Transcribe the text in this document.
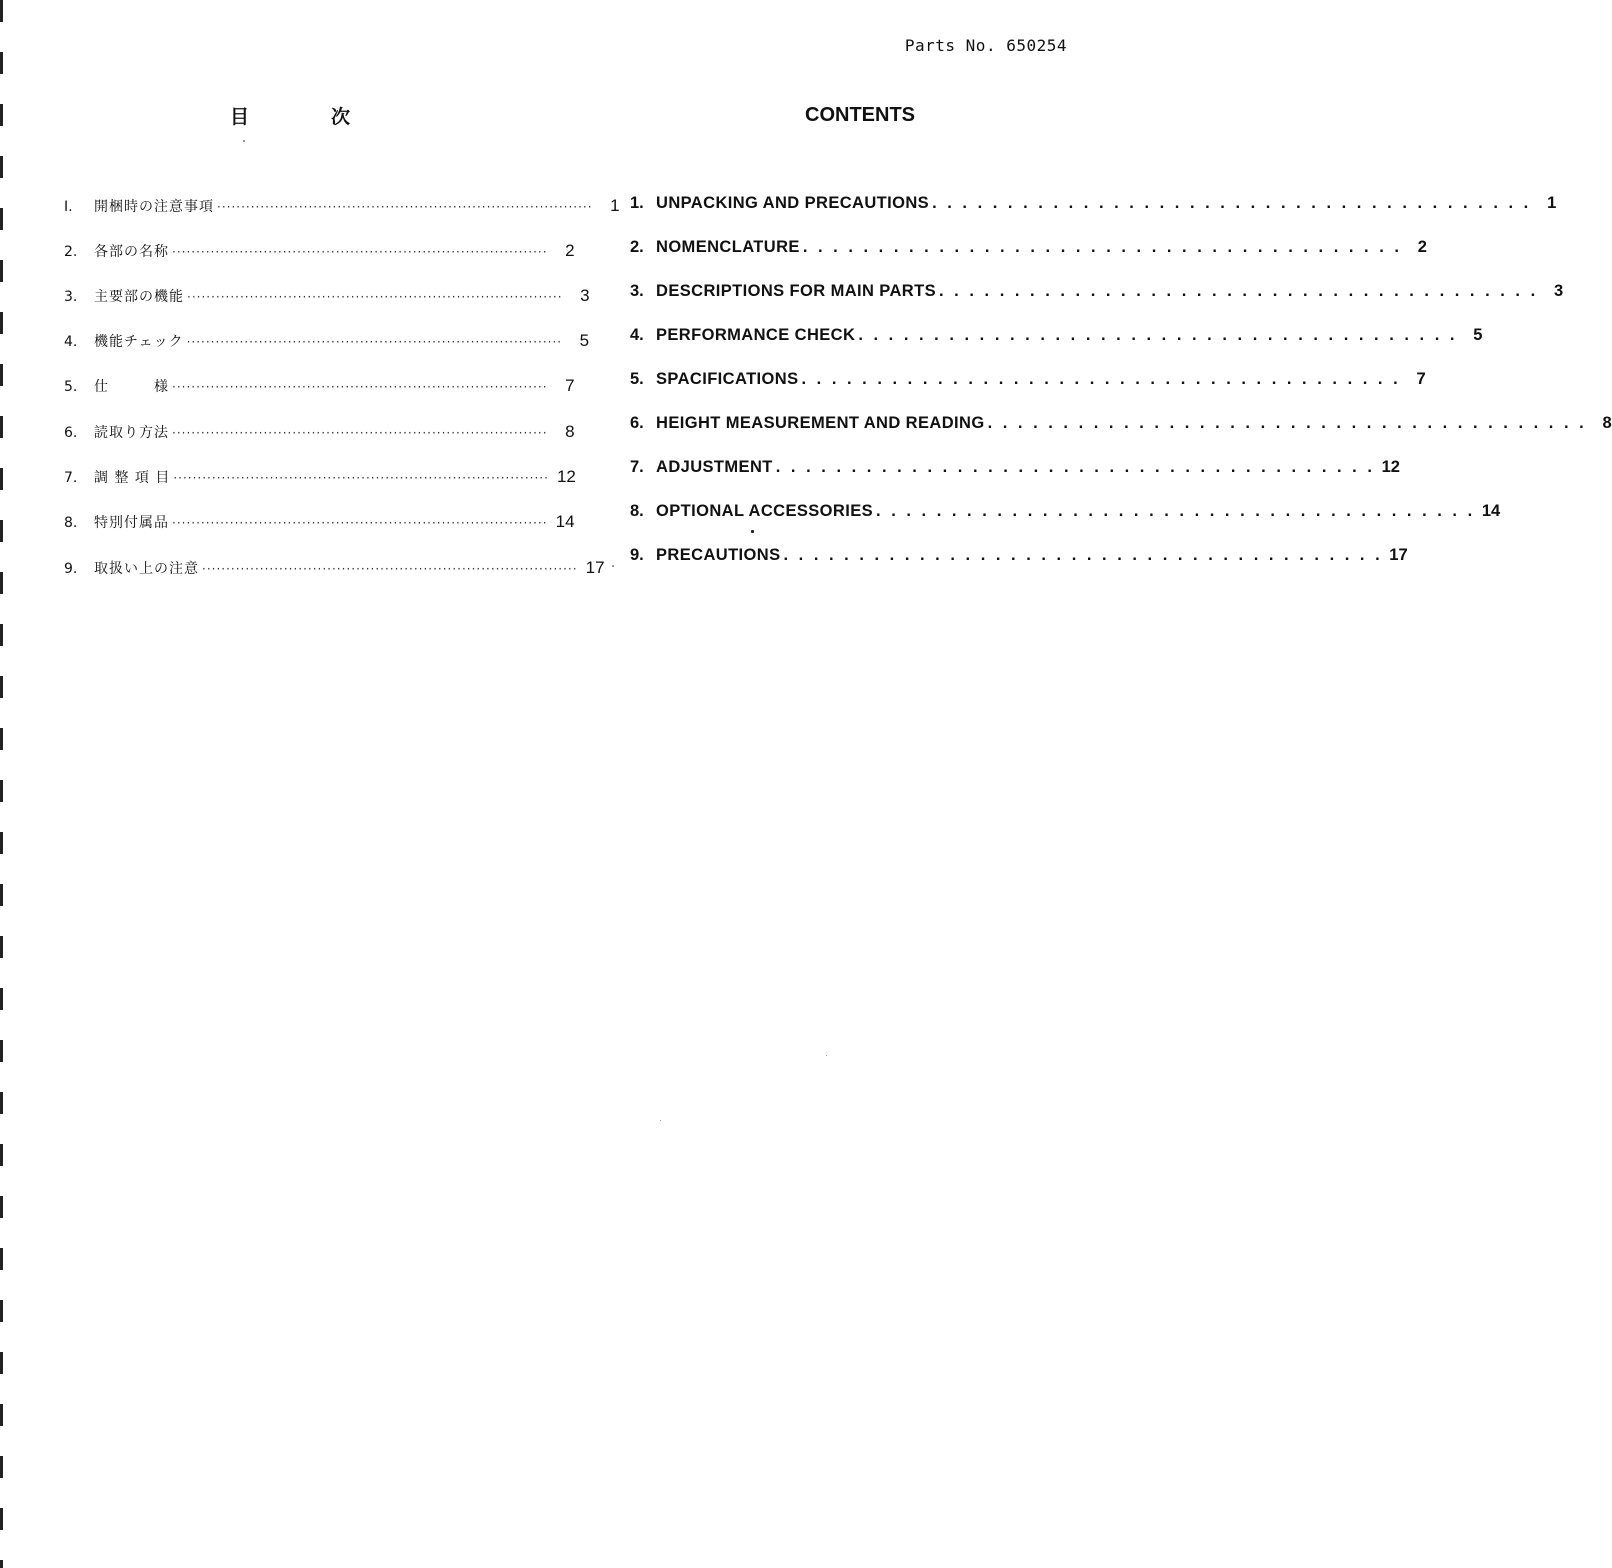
Parts No. 650254
目	次	CONTENTS
I.	開梱時の注意事項 ··············································································	1
2.	各部の名称 ··············································································	2
3.	主要部の機能 ··············································································	3
4.	機能チェック ··············································································	5
5.	仕　　　様 ··············································································	7
6.	読取り方法 ··············································································	8
7.	調 整 項 目 ·············································································· 12
8.	特別付属品 ·············································································· 14
9.	取扱い上の注意 ·············································································· 17
1. UNPACKING AND PRECAUTIONS . . . . . . . . . . . . . . . . . . . . . . . . . . . . . . . . . . . . . . . . 1
2. NOMENCLATURE . . . . . . . . . . . . . . . . . . . . . . . . . . . . . . . . . . . . . . . . 2
3. DESCRIPTIONS FOR MAIN PARTS . . . . . . . . . . . . . . . . . . . . . . . . . . . . . . . . . . . . . . . . 3
4. PERFORMANCE CHECK . . . . . . . . . . . . . . . . . . . . . . . . . . . . . . . . . . . . . . . . 5
5. SPACIFICATIONS . . . . . . . . . . . . . . . . . . . . . . . . . . . . . . . . . . . . . . . . 7
6. HEIGHT MEASUREMENT AND READING . . . . . . . . . . . . . . . . . . . . . . . . . . . . . . . . . . . . . . . . 8
7. ADJUSTMENT . . . . . . . . . . . . . . . . . . . . . . . . . . . . . . . . . . . . . . . . 12
8. OPTIONAL ACCESSORIES . . . . . . . . . . . . . . . . . . . . . . . . . . . . . . . . . . . . . . . . 14
9. PRECAUTIONS . . . . . . . . . . . . . . . . . . . . . . . . . . . . . . . . . . . . . . . . 17
